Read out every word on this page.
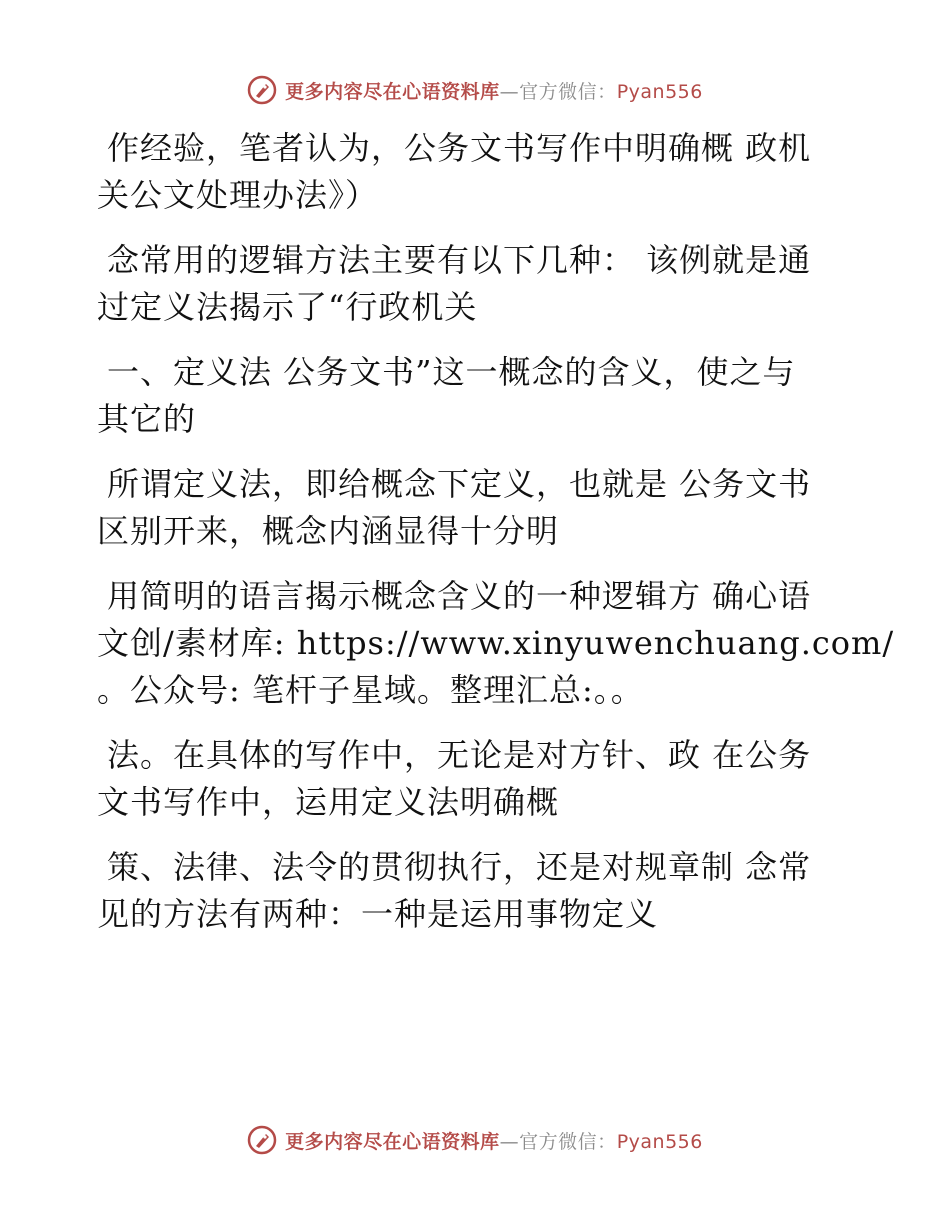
更多内容尽在心语资料库—官方微信：Pyan556
作经验，笔者认为，公务文书写作中明确概 政机
关公文处理办法》）
念常用的逻辑方法主要有以下几种： 该例就是通
过定义法揭示了“行政机关
一、定义法 公务文书”这一概念的含义，使之与
其它的
所谓定义法，即给概念下定义，也就是 公务文书
区别开来，概念内涵显得十分明
用简明的语言揭示概念含义的一种逻辑方 确心语
文创/素材库: https://www.xinyuwenchuang.com/
。公众号: 笔杆子星域。整理汇总:。。
法。在具体的写作中，无论是对方针、政 在公务
文书写作中，运用定义法明确概
策、法律、法令的贯彻执行，还是对规章制 念常
见的方法有两种：一种是运用事物定义
更多内容尽在心语资料库—官方微信：Pyan556
